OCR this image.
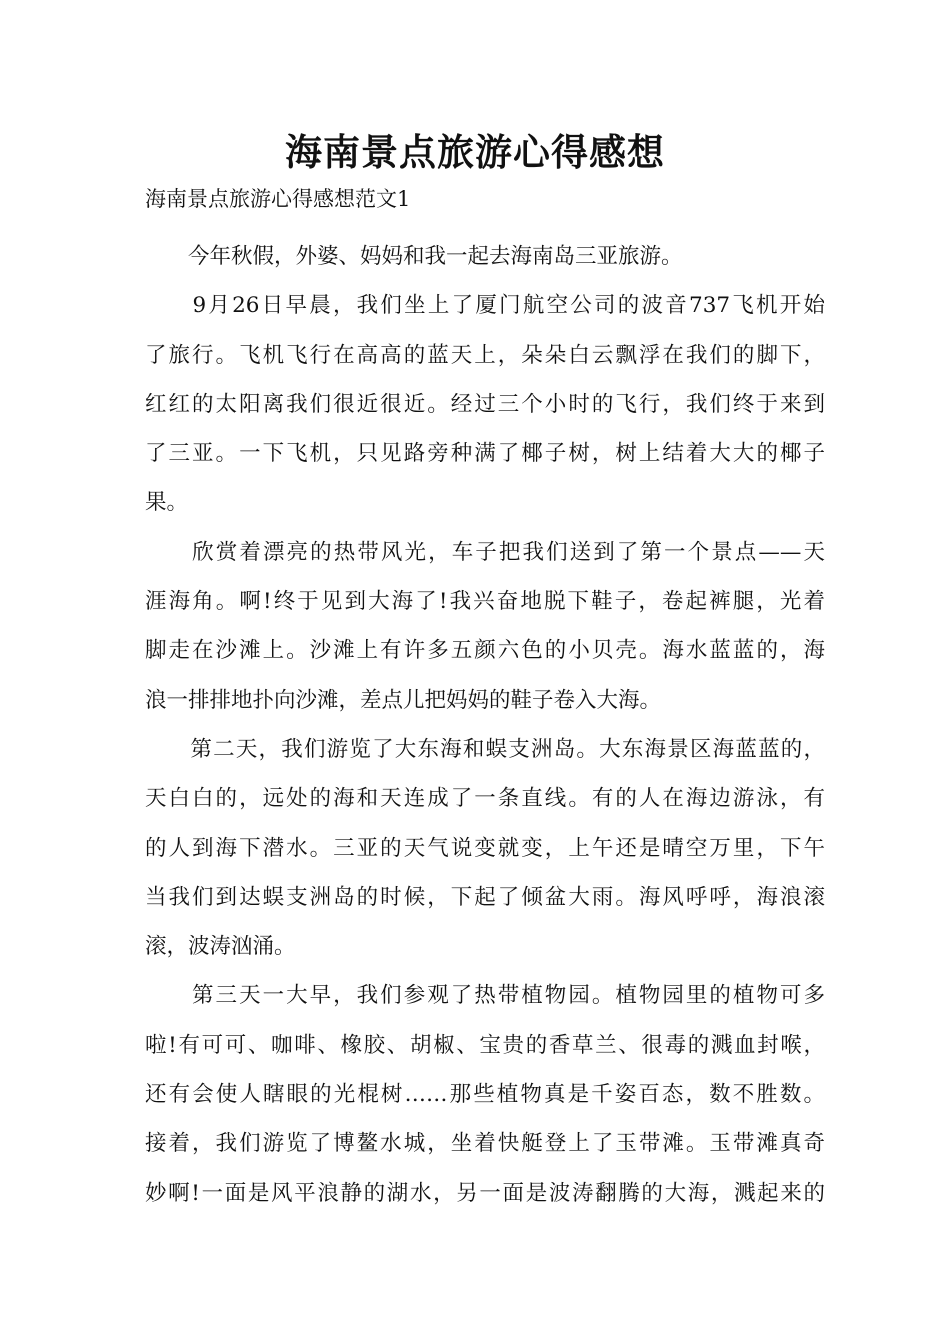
海南景点旅游心得感想

海南景点旅游心得感想范文1

　　今年秋假，外婆、妈妈和我一起去海南岛三亚旅游。

　　9月26日早晨，我们坐上了厦门航空公司的波音737飞机开始

了旅行。飞机飞行在高高的蓝天上，朵朵白云飘浮在我们的脚下，

红红的太阳离我们很近很近。经过三个小时的飞行，我们终于来到

了三亚。一下飞机，只见路旁种满了椰子树，树上结着大大的椰子

果。

　　欣赏着漂亮的热带风光，车子把我们送到了第一个景点——天

涯海角。啊!终于见到大海了!我兴奋地脱下鞋子，卷起裤腿，光着

脚走在沙滩上。沙滩上有许多五颜六色的小贝壳。海水蓝蓝的，海

浪一排排地扑向沙滩，差点儿把妈妈的鞋子卷入大海。

　　第二天，我们游览了大东海和蜈支洲岛。大东海景区海蓝蓝的，

天白白的，远处的海和天连成了一条直线。有的人在海边游泳，有

的人到海下潜水。三亚的天气说变就变，上午还是晴空万里，下午

当我们到达蜈支洲岛的时候，下起了倾盆大雨。海风呼呼，海浪滚

滚，波涛汹涌。

　　第三天一大早，我们参观了热带植物园。植物园里的植物可多

啦!有可可、咖啡、橡胶、胡椒、宝贵的香草兰、很毒的溅血封喉，

还有会使人瞎眼的光棍树……那些植物真是千姿百态，数不胜数。

接着，我们游览了博鳌水城，坐着快艇登上了玉带滩。玉带滩真奇

妙啊!一面是风平浪静的湖水，另一面是波涛翻腾的大海，溅起来的
